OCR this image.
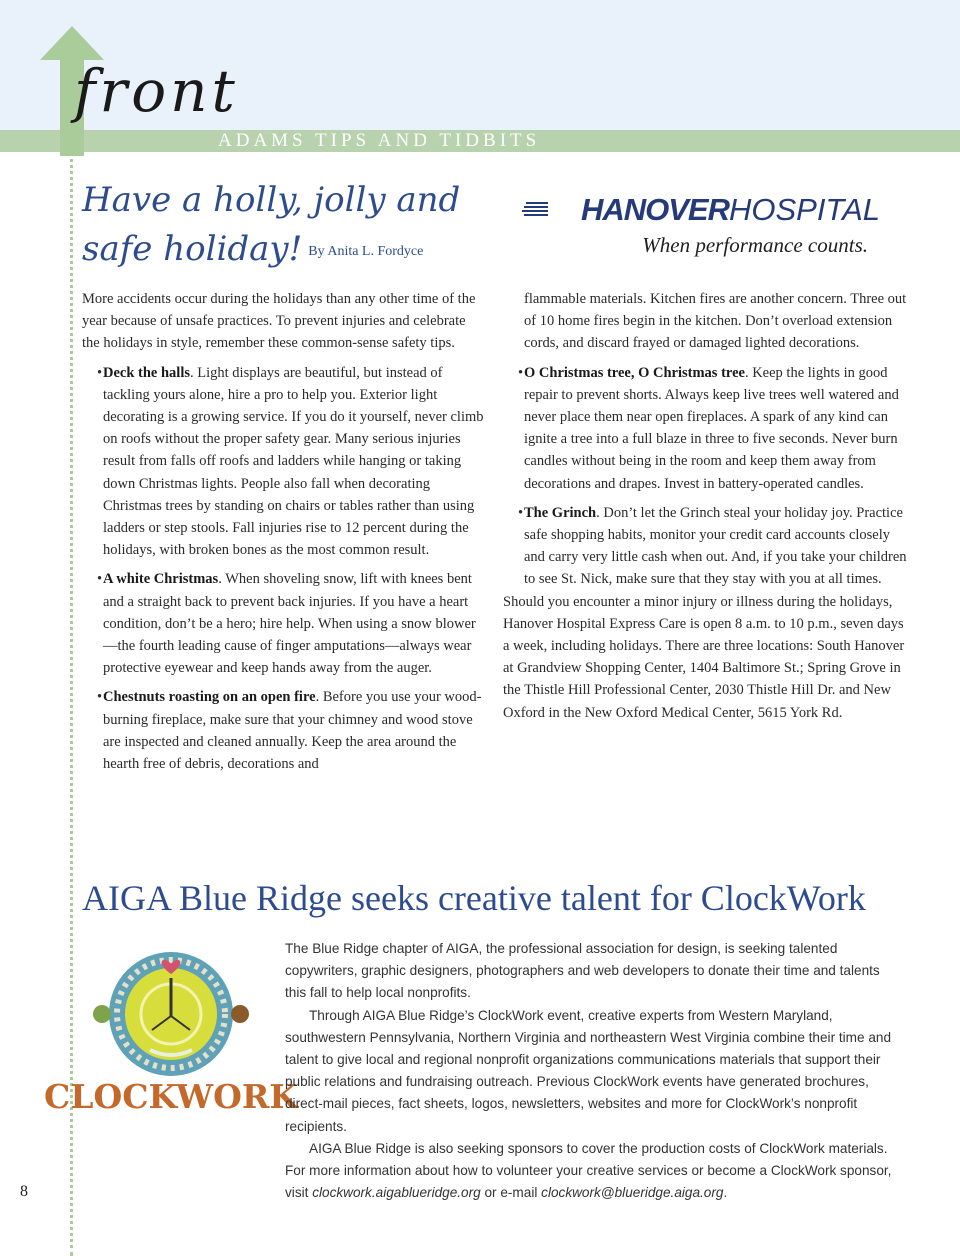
front
ADAMS TIPS AND TIDBITS
Have a holly, jolly and safe holiday! By Anita L. Fordyce
HANOVERHOSPITAL
When performance counts.

More accidents occur during the holidays than any other time of the year because of unsafe practices. To prevent injuries and celebrate the holidays in style, remember these common-sense safety tips.

•Deck the halls. Light displays are beautiful, but instead of tackling yours alone, hire a pro to help you. Exterior light decorating is a growing service. If you do it yourself, never climb on roofs without the proper safety gear. Many serious injuries result from falls off roofs and ladders while hanging or taking down Christmas lights. People also fall when decorating Christmas trees by standing on chairs or tables rather than using ladders or step stools. Fall injuries rise to 12 percent during the holidays, with broken bones as the most common result.

•A white Christmas. When shoveling snow, lift with knees bent and a straight back to prevent back injuries. If you have a heart condition, don’t be a hero; hire help. When using a snow blower—the fourth leading cause of finger amputations—always wear protective eyewear and keep hands away from the auger.

•Chestnuts roasting on an open fire. Before you use your wood-burning fireplace, make sure that your chimney and wood stove are inspected and cleaned annually. Keep the area around the hearth free of debris, decorations and

flammable materials. Kitchen fires are another concern. Three out of 10 home fires begin in the kitchen. Don’t overload extension cords, and discard frayed or damaged lighted decorations.

•O Christmas tree, O Christmas tree. Keep the lights in good repair to prevent shorts. Always keep live trees well watered and never place them near open fireplaces. A spark of any kind can ignite a tree into a full blaze in three to five seconds. Never burn candles without being in the room and keep them away from decorations and drapes. Invest in battery-operated candles.

•The Grinch. Don’t let the Grinch steal your holiday joy. Practice safe shopping habits, monitor your credit card accounts closely and carry very little cash when out. And, if you take your children to see St. Nick, make sure that they stay with you at all times.

Should you encounter a minor injury or illness during the holidays, Hanover Hospital Express Care is open 8 a.m. to 10 p.m., seven days a week, including holidays. There are three locations: South Hanover at Grandview Shopping Center, 1404 Baltimore St.; Spring Grove in the Thistle Hill Professional Center, 2030 Thistle Hill Dr. and New Oxford in the New Oxford Medical Center, 5615 York Rd.

AIGA Blue Ridge seeks creative talent for ClockWork
CLOCKWORK

The Blue Ridge chapter of AIGA, the professional association for design, is seeking talented copywriters, graphic designers, photographers and web developers to donate their time and talents this fall to help local nonprofits.

Through AIGA Blue Ridge’s ClockWork event, creative experts from Western Maryland, southwestern Pennsylvania, Northern Virginia and northeastern West Virginia combine their time and talent to give local and regional nonprofit organizations communications materials that support their public relations and fundraising outreach. Previous ClockWork events have generated brochures, direct-mail pieces, fact sheets, logos, newsletters, websites and more for ClockWork’s nonprofit recipients.

AIGA Blue Ridge is also seeking sponsors to cover the production costs of ClockWork materials. For more information about how to volunteer your creative services or become a ClockWork sponsor, visit clockwork.aigablueridge.org or e-mail clockwork@blueridge.aiga.org.

8
